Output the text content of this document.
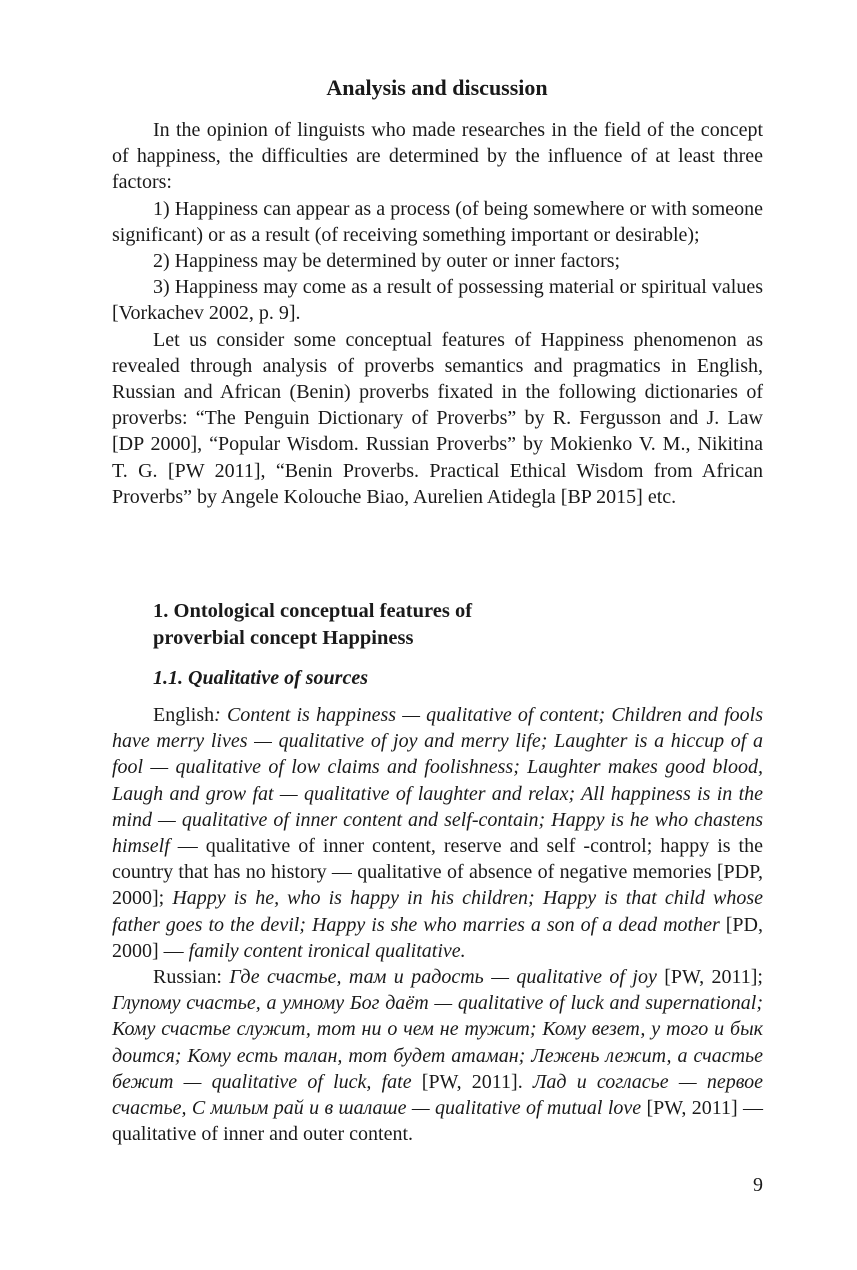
Analysis and discussion

In the opinion of linguists who made researches in the field of the concept of happiness, the difficulties are determined by the influence of at least three factors:

1) Happiness can appear as a process (of being somewhere or with someone significant) or as a result (of receiving something important or desirable);

2) Happiness may be determined by outer or inner factors;

3) Happiness may come as a result of possessing material or spiritual values [Vorkachev 2002, p. 9].

Let us consider some conceptual features of Happiness phenomenon as revealed through analysis of proverbs semantics and pragmatics in English, Russian and African (Benin) proverbs fixated in the following dictionaries of proverbs: “The Penguin Dictionary of Proverbs” by R. Fergusson and J. Law [DP 2000], “Popular Wisdom. Russian Proverbs” by Mokienko V. M., Nikitina T. G. [PW 2011], “Benin Proverbs. Practical Ethical Wisdom from African Proverbs” by Angele Kolouche Biao, Aurelien Atidegla [BP 2015] etc.

1. Ontological conceptual features of
proverbial concept Happiness
1.1. Qualitative of sources

English: Content is happiness — qualitative of content; Children and fools have merry lives — qualitative of joy and merry life; Laughter is a hiccup of a fool — qualitative of low claims and foolishness; Laughter makes good blood, Laugh and grow fat — qualitative of laughter and relax; All happiness is in the mind — qualitative of inner content and self-contain; Happy is he who chastens himself — qualitative of inner content, reserve and self -control; happy is the country that has no history — qualitative of absence of negative memories [PDP, 2000]; Happy is he, who is happy in his children; Happy is that child whose father goes to the devil; Happy is she who marries a son of a dead mother [PD, 2000] — family content ironical qualitative.

Russian: Где счастье, там и радость — qualitative of joy [PW, 2011]; Глупому счастье, а умному Бог даёт — qualitative of luck and supernational; Кому счастье служит, тот ни о чем не тужит; Кому везет, у того и бык доится; Кому есть талан, тот будет атаман; Лежень лежит, а счастье бежит — qualitative of luck, fate [PW, 2011]. Лад и согласье — первое счастье, С милым рай и в шалаше — qualitative of mutual love [PW, 2011] — qualitative of inner and outer content.

9
